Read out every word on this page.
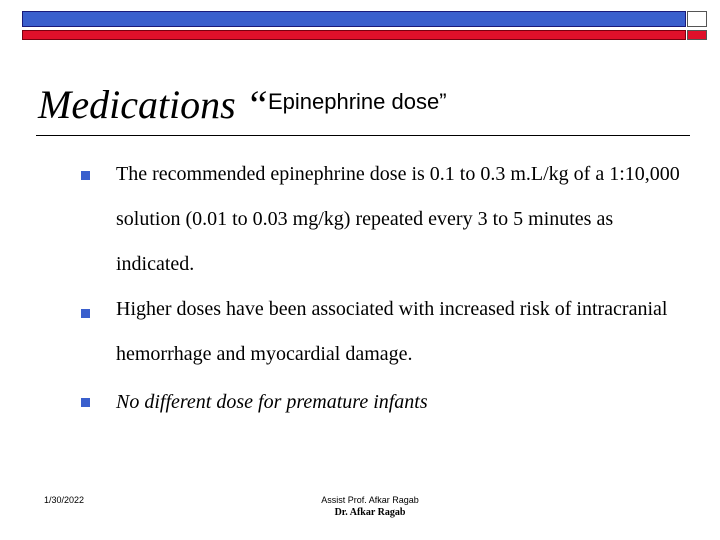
Medications “$^{Epinephrine dose”}$
The recommended epinephrine dose is 0.1 to 0.3 m.L/kg of a 1:10,000 solution (0.01 to 0.03 mg/kg) repeated every 3 to 5 minutes as indicated.
Higher doses have been associated with increased risk of intracranial hemorrhage and myocardial damage.
No different dose for premature infants
1/30/2022	Assist Prof. Afkar Ragab
Dr. Afkar Ragab
